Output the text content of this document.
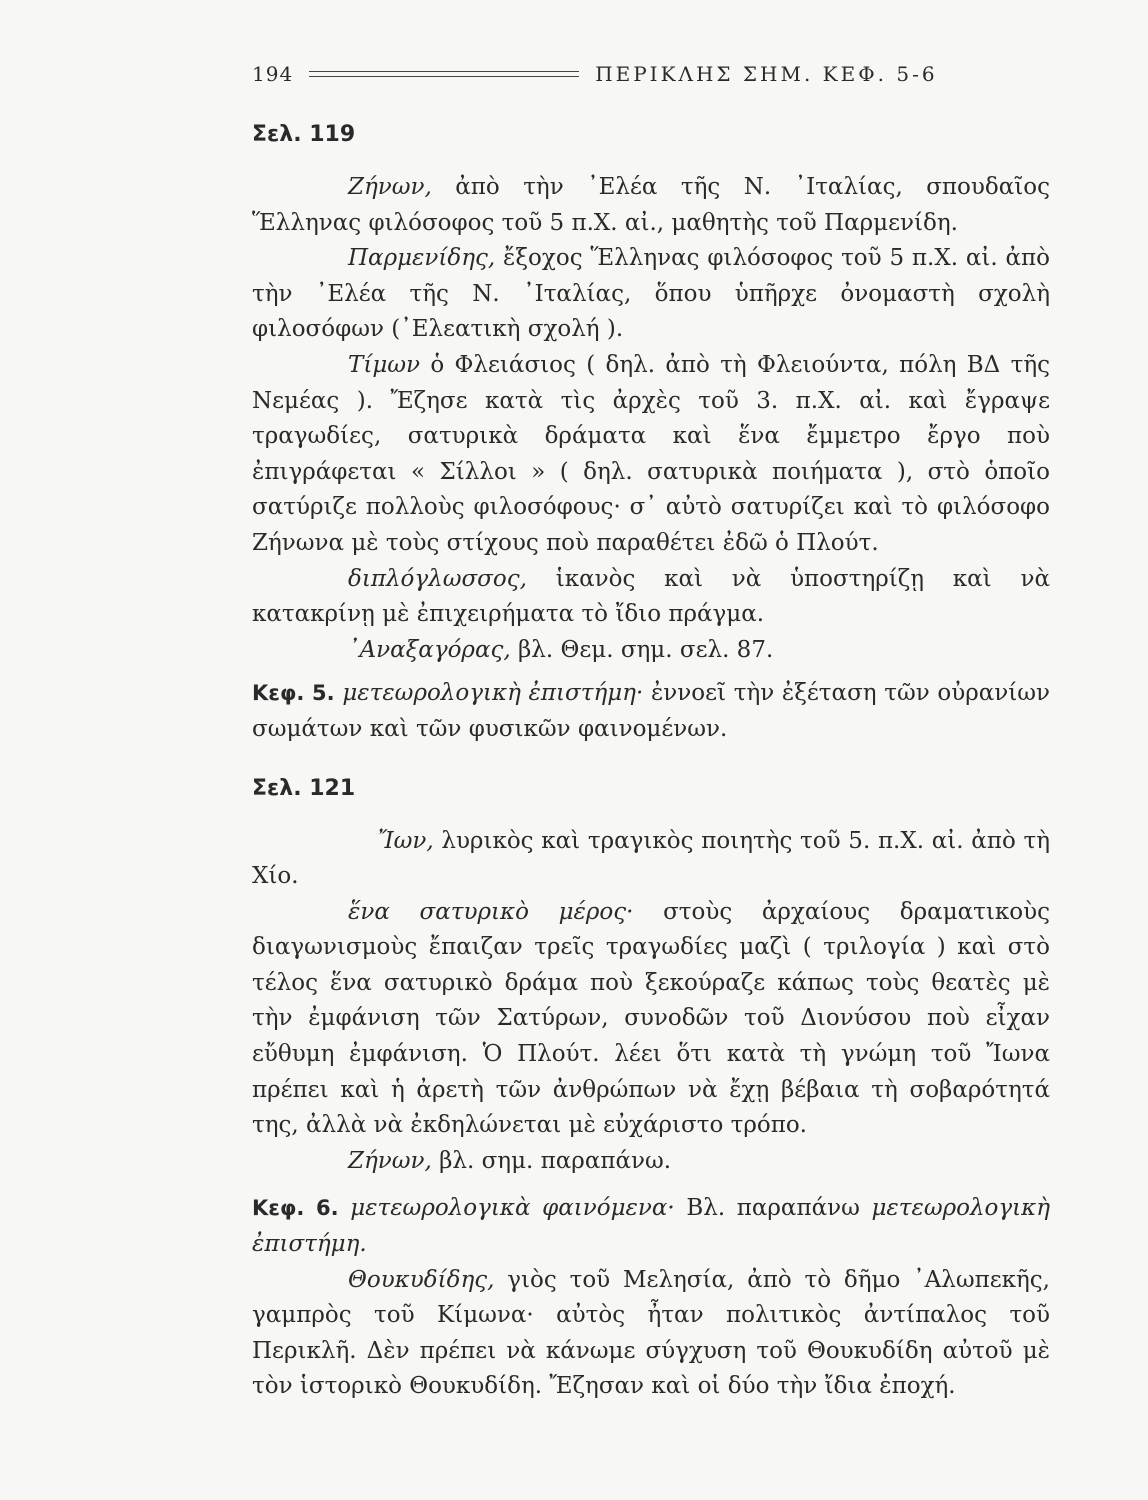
194	ΠΕΡΙΚΛΗΣ ΣΗΜ. ΚΕΦ. 5-6
Σελ. 119

Ζήνων, ἀπὸ τὴν ᾿Ελέα τῆς Ν. ᾿Ιταλίας, σπουδαῖος Ἕλληνας φιλόσοφος τοῦ 5 π.Χ. αἰ., μαθητὴς τοῦ Παρμενίδη.

Παρμενίδης, ἔξοχος Ἕλληνας φιλόσοφος τοῦ 5 π.Χ. αἰ. ἀπὸ τὴν ᾿Ελέα τῆς Ν. ᾿Ιταλίας, ὅπου ὑπῆρχε ὀνομαστὴ σχολὴ φιλοσόφων (᾿Ελεατικὴ σχολή ).

Τίμων ὁ Φλειάσιος ( δηλ. ἀπὸ τὴ Φλειούντα, πόλη ΒΔ τῆς Νεμέας ). Ἔζησε κατὰ τὶς ἀρχὲς τοῦ 3. π.Χ. αἰ. καὶ ἔγραψε τραγωδίες, σατυρικὰ δράματα καὶ ἕνα ἔμμετρο ἔργο ποὺ ἐπιγράφεται « Σίλλοι » ( δηλ. σατυρικὰ ποιήματα ), στὸ ὁποῖο σατύριζε πολλοὺς φιλοσόφους· σ᾿ αὐτὸ σατυρίζει καὶ τὸ φιλόσοφο Ζήνωνα μὲ τοὺς στίχους ποὺ παραθέτει ἐδῶ ὁ Πλούτ.

διπλόγλωσσος, ἱκανὸς καὶ νὰ ὑποστηρίζῃ καὶ νὰ κατακρίνῃ μὲ ἐπιχειρήματα τὸ ἴδιο πράγμα.

᾿Αναξαγόρας, βλ. Θεμ. σημ. σελ. 87.

Κεφ. 5. μετεωρολογικὴ ἐπιστήμη· ἐννοεῖ τὴν ἐξέταση τῶν οὐρανίων σωμάτων καὶ τῶν φυσικῶν φαινομένων.

Σελ. 121

Ἴων, λυρικὸς καὶ τραγικὸς ποιητὴς τοῦ 5. π.Χ. αἰ. ἀπὸ τὴ Χίο.

ἕνα σατυρικὸ μέρος· στοὺς ἀρχαίους δραματικοὺς διαγωνισμοὺς ἔπαιζαν τρεῖς τραγωδίες μαζὶ ( τριλογία ) καὶ στὸ τέλος ἕνα σατυρικὸ δράμα ποὺ ξεκούραζε κάπως τοὺς θεατὲς μὲ τὴν ἐμφάνιση τῶν Σατύρων, συνοδῶν τοῦ Διονύσου ποὺ εἶχαν εὔθυμη ἐμφάνιση. Ὁ Πλούτ. λέει ὅτι κατὰ τὴ γνώμη τοῦ Ἴωνα πρέπει καὶ ἡ ἀρετὴ τῶν ἀνθρώπων νὰ ἔχῃ βέβαια τὴ σοβαρότητά της, ἀλλὰ νὰ ἐκδηλώνεται μὲ εὐχάριστο τρόπο.

Ζήνων, βλ. σημ. παραπάνω.

Κεφ. 6. μετεωρολογικὰ φαινόμενα· Βλ. παραπάνω μετεωρολογικὴ ἐπιστήμη.

Θουκυδίδης, γιὸς τοῦ Μελησία, ἀπὸ τὸ δῆμο ᾿Αλωπεκῆς, γαμπρὸς τοῦ Κίμωνα· αὐτὸς ἦταν πολιτικὸς ἀντίπαλος τοῦ Περικλῆ. Δὲν πρέπει νὰ κάνωμε σύγχυση τοῦ Θουκυδίδη αὐτοῦ μὲ τὸν ἱστορικὸ Θουκυδίδη. Ἔζησαν καὶ οἱ δύο τὴν ἴδια ἐποχή.
